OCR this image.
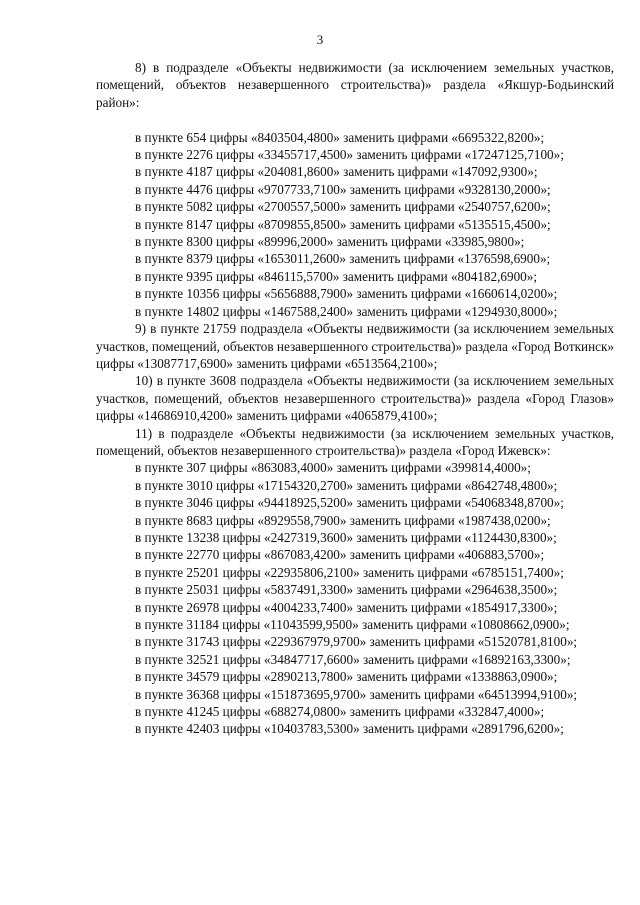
3

8) в подразделе «Объекты недвижимости (за исключением земельных участков, помещений, объектов незавершенного строительства)» раздела «Якшур-Бодьинский район»:

в пункте 654 цифры «8403504,4800» заменить цифрами «6695322,8200»;

в пункте 2276 цифры «33455717,4500» заменить цифрами «17247125,7100»;

в пункте 4187 цифры «204081,8600» заменить цифрами «147092,9300»;

в пункте 4476 цифры «9707733,7100» заменить цифрами «9328130,2000»;

в пункте 5082 цифры «2700557,5000» заменить цифрами «2540757,6200»;

в пункте 8147 цифры «8709855,8500» заменить цифрами «5135515,4500»;

в пункте 8300 цифры «89996,2000» заменить цифрами «33985,9800»;

в пункте 8379 цифры «1653011,2600» заменить цифрами «1376598,6900»;

в пункте 9395 цифры «846115,5700» заменить цифрами «804182,6900»;

в пункте 10356 цифры «5656888,7900» заменить цифрами «1660614,0200»;

в пункте 14802 цифры «1467588,2400» заменить цифрами «1294930,8000»;

9) в пункте 21759 подраздела «Объекты недвижимости (за исключением земельных участков, помещений, объектов незавершенного строительства)» раздела «Город Воткинск» цифры «13087717,6900» заменить цифрами «6513564,2100»;

10) в пункте 3608 подраздела «Объекты недвижимости (за исключением земельных участков, помещений, объектов незавершенного строительства)» раздела «Город Глазов» цифры «14686910,4200» заменить цифрами «4065879,4100»;

11) в подразделе «Объекты недвижимости (за исключением земельных участков, помещений, объектов незавершенного строительства)» раздела «Город Ижевск»:

в пункте 307 цифры «863083,4000» заменить цифрами «399814,4000»;

в пункте 3010 цифры «17154320,2700» заменить цифрами «8642748,4800»;

в пункте 3046 цифры «94418925,5200» заменить цифрами «54068348,8700»;

в пункте 8683 цифры «8929558,7900» заменить цифрами «1987438,0200»;

в пункте 13238 цифры «2427319,3600» заменить цифрами «1124430,8300»;

в пункте 22770 цифры «867083,4200» заменить цифрами «406883,5700»;

в пункте 25201 цифры «22935806,2100» заменить цифрами «6785151,7400»;

в пункте 25031 цифры «5837491,3300» заменить цифрами «2964638,3500»;

в пункте 26978 цифры «4004233,7400» заменить цифрами «1854917,3300»;

в пункте 31184 цифры «11043599,9500» заменить цифрами «10808662,0900»;

в пункте 31743 цифры «229367979,9700» заменить цифрами «51520781,8100»;

в пункте 32521 цифры «34847717,6600» заменить цифрами «16892163,3300»;

в пункте 34579 цифры «2890213,7800» заменить цифрами «1338863,0900»;

в пункте 36368 цифры «151873695,9700» заменить цифрами «64513994,9100»;

в пункте 41245 цифры «688274,0800» заменить цифрами «332847,4000»;

в пункте 42403 цифры «10403783,5300» заменить цифрами «2891796,6200»;
